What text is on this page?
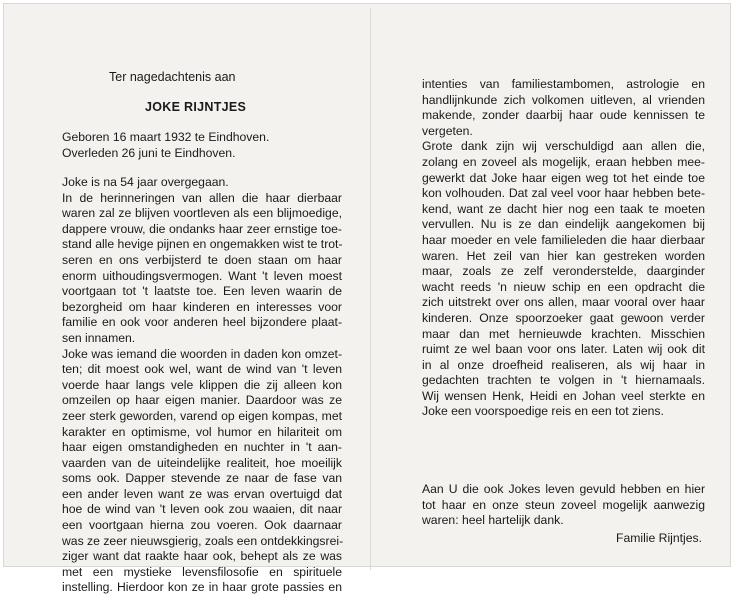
Ter nagedachtenis aan
JOKE RIJNTJES
Geboren 16 maart 1932 te Eindhoven.
Overleden 26 juni te Eindhoven.
Joke is na 54 jaar overgegaan.
In de herinneringen van allen die haar dierbaar
waren zal ze blijven voortleven als een blijmoedige,
dappere vrouw, die ondanks haar zeer ernstige toe-
stand alle hevige pijnen en ongemakken wist te trot-
seren en ons verbijsterd te doen staan om haar
enorm uithoudingsvermogen. Want 't leven moest
voortgaan tot 't laatste toe. Een leven waarin de
bezorgheid om haar kinderen en interesses voor
familie en ook voor anderen heel bijzondere plaat-
sen innamen.
Joke was iemand die woorden in daden kon omzet-
ten; dit moest ook wel, want de wind van 't leven
voerde haar langs vele klippen die zij alleen kon
omzeilen op haar eigen manier. Daardoor was ze
zeer sterk geworden, varend op eigen kompas, met
karakter en optimisme, vol humor en hilariteit om
haar eigen omstandigheden en nuchter in 't aan-
vaarden van de uiteindelijke realiteit, hoe moeilijk
soms ook. Dapper stevende ze naar de fase van
een ander leven want ze was ervan overtuigd dat
hoe de wind van 't leven ook zou waaien, dit naar
een voortgaan hierna zou voeren. Ook daarnaar
was ze zeer nieuwsgierig, zoals een ontdekkingsrei-
ziger want dat raakte haar ook, behept als ze was
met een mystieke levensfilosofie en spirituele
instelling. Hierdoor kon ze in haar grote passies en
intenties van familiestambomen, astrologie en
handlijnkunde zich volkomen uitleven, al vrienden
makende, zonder daarbij haar oude kennissen te
vergeten.
Grote dank zijn wij verschuldigd aan allen die,
zolang en zoveel als mogelijk, eraan hebben mee-
gewerkt dat Joke haar eigen weg tot het einde toe
kon volhouden. Dat zal veel voor haar hebben bete-
kend, want ze dacht hier nog een taak te moeten
vervullen. Nu is ze dan eindelijk aangekomen bij
haar moeder en vele familieleden die haar dierbaar
waren. Het zeil van hier kan gestreken worden
maar, zoals ze zelf veronderstelde, daarginder
wacht reeds 'n nieuw schip en een opdracht die
zich uitstrekt over ons allen, maar vooral over haar
kinderen. Onze spoorzoeker gaat gewoon verder
maar dan met hernieuwde krachten. Misschien
ruimt ze wel baan voor ons later. Laten wij ook dit
in al onze droefheid realiseren, als wij haar in
gedachten trachten te volgen in 't hiernamaals.
Wij wensen Henk, Heidi en Johan veel sterkte en
Joke een voorspoedige reis en een tot ziens.
Aan U die ook Jokes leven gevuld hebben en hier
tot haar en onze steun zoveel mogelijk aanwezig
waren: heel hartelijk dank.
Familie Rijntjes.
